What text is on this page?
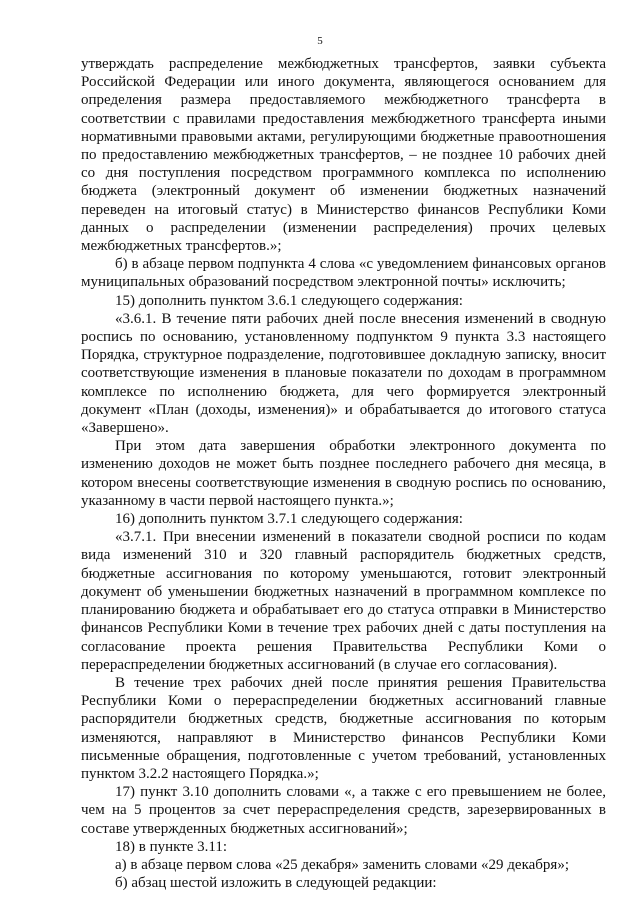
5

утверждать распределение межбюджетных трансфертов, заявки субъекта Российской Федерации или иного документа, являющегося основанием для определения размера предоставляемого межбюджетного трансферта в соответствии с правилами предоставления межбюджетного трансферта иными нормативными правовыми актами, регулирующими бюджетные правоотношения по предоставлению межбюджетных трансфертов, – не позднее 10 рабочих дней со дня поступления посредством программного комплекса по исполнению бюджета (электронный документ об изменении бюджетных назначений переведен на итоговый статус) в Министерство финансов Республики Коми данных о распределении (изменении распределения) прочих целевых межбюджетных трансфертов.»;

б) в абзаце первом подпункта 4 слова «с уведомлением финансовых органов муниципальных образований посредством электронной почты» исключить;

15) дополнить пунктом 3.6.1 следующего содержания:

«3.6.1. В течение пяти рабочих дней после внесения изменений в сводную роспись по основанию, установленному подпунктом 9 пункта 3.3 настоящего Порядка, структурное подразделение, подготовившее докладную записку, вносит соответствующие изменения в плановые показатели по доходам в программном комплексе по исполнению бюджета, для чего формируется электронный документ «План (доходы, изменения)» и обрабатывается до итогового статуса «Завершено».

При этом дата завершения обработки электронного документа по изменению доходов не может быть позднее последнего рабочего дня месяца, в котором внесены соответствующие изменения в сводную роспись по основанию, указанному в части первой настоящего пункта.»;

16) дополнить пунктом 3.7.1 следующего содержания:

«3.7.1. При внесении изменений в показатели сводной росписи по кодам вида изменений 310 и 320 главный распорядитель бюджетных средств, бюджетные ассигнования по которому уменьшаются, готовит электронный документ об уменьшении бюджетных назначений в программном комплексе по планированию бюджета и обрабатывает его до статуса отправки в Министерство финансов Республики Коми в течение трех рабочих дней с даты поступления на согласование проекта решения Правительства Республики Коми о перераспределении бюджетных ассигнований (в случае его согласования).

В течение трех рабочих дней после принятия решения Правительства Республики Коми о перераспределении бюджетных ассигнований главные распорядители бюджетных средств, бюджетные ассигнования по которым изменяются, направляют в Министерство финансов Республики Коми письменные обращения, подготовленные с учетом требований, установленных пунктом 3.2.2 настоящего Порядка.»;

17) пункт 3.10 дополнить словами «, а также с его превышением не более, чем на 5 процентов за счет перераспределения средств, зарезервированных в составе утвержденных бюджетных ассигнований»;

18) в пункте 3.11:

а) в абзаце первом слова «25 декабря» заменить словами «29 декабря»;

б) абзац шестой изложить в следующей редакции:
